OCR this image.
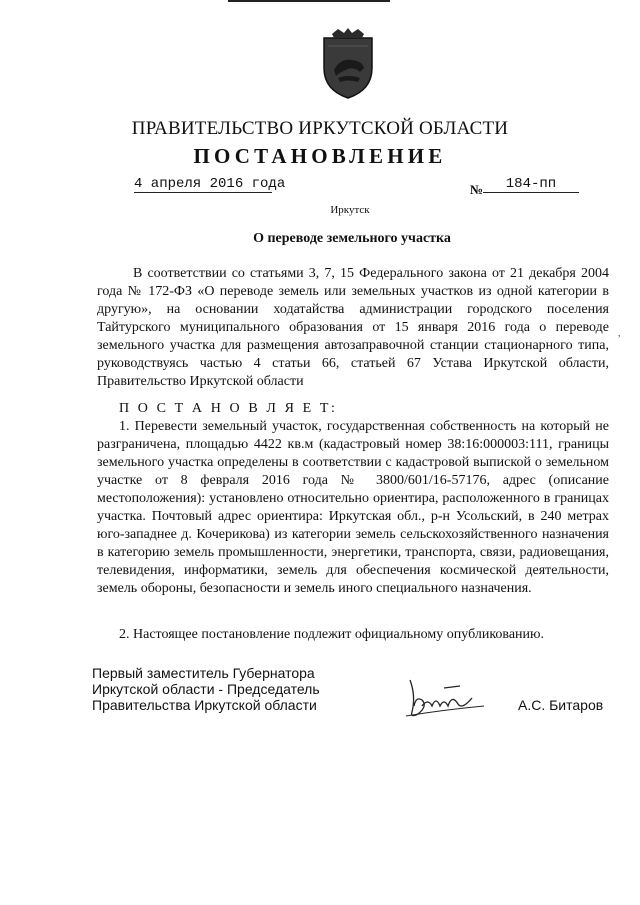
ПРАВИТЕЛЬСТВО ИРКУТСКОЙ ОБЛАСТИ
ПОСТАНОВЛЕНИЕ
4 апреля 2016 года	№	184-пп
Иркутск
О переводе земельного участка
В соответствии со статьями 3, 7, 15 Федерального закона от 21 декабря 2004 года № 172-ФЗ «О переводе земель или земельных участков из одной категории в другую», на основании ходатайства администрации городского поселения Тайтурского муниципального образования от 15 января 2016 года о переводе земельного участка для размещения автозаправочной станции стационарного типа, руководствуясь частью 4 статьи 66, статьей 67 Устава Иркутской области, Правительство Иркутской области
П О С Т А Н О В Л Я Е Т:
1. Перевести земельный участок, государственная собственность на который не разграничена, площадью 4422 кв.м (кадастровый номер 38:16:000003:111, границы земельного участка определены в соответствии с кадастровой выпиской о земельном участке от 8 февраля 2016 года № 3800/601/16-57176, адрес (описание местоположения): установлено относительно ориентира, расположенного в границах участка. Почтовый адрес ориентира: Иркутская обл., р-н Усольский, в 240 метрах юго-западнее д. Кочерикова) из категории земель сельскохозяйственного назначения в категорию земель промышленности, энергетики, транспорта, связи, радиовещания, телевидения, информатики, земель для обеспечения космической деятельности, земель обороны, безопасности и земель иного специального назначения.
2. Настоящее постановление подлежит официальному опубликованию.
Первый заместитель Губернатора
Иркутской области - Председатель
Правительства Иркутской области	А.С. Битаров
,
